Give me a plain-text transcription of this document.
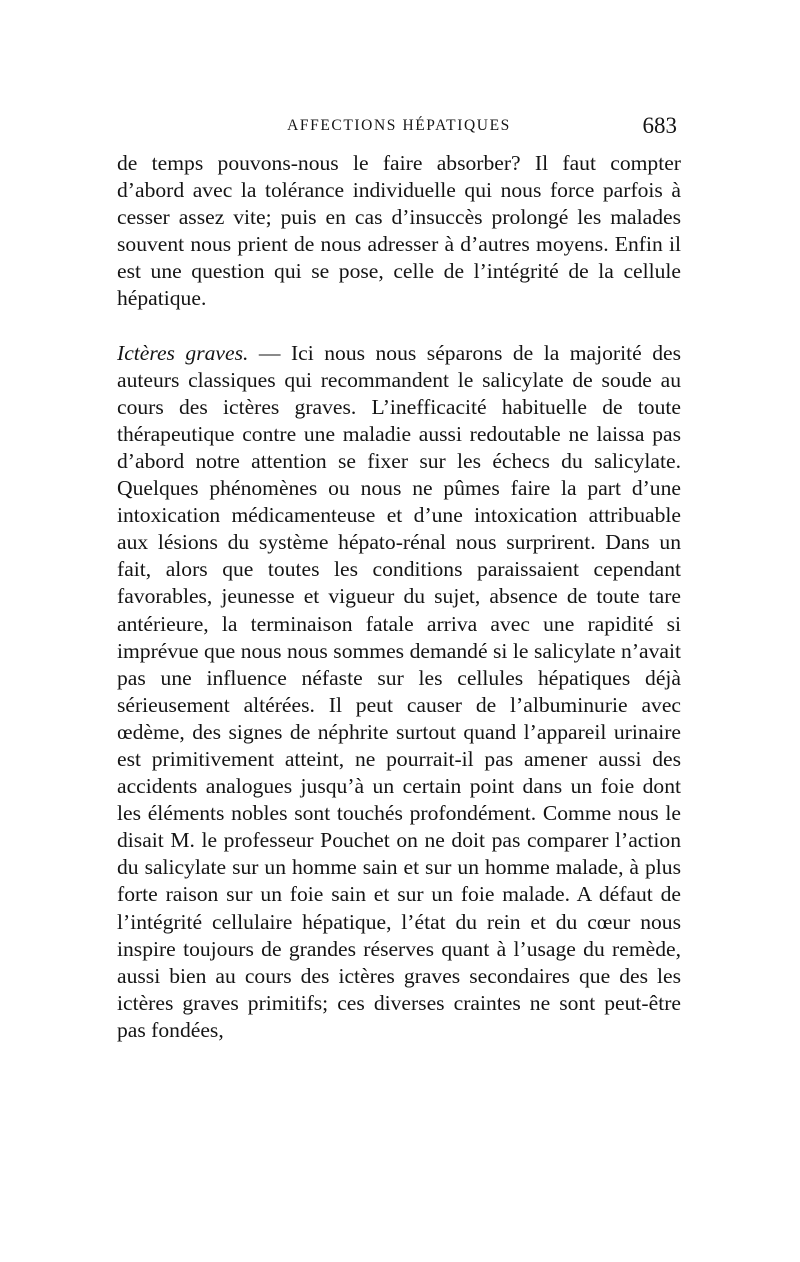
AFFECTIONS HÉPATIQUES	683

de temps pouvons-nous le faire absorber? Il faut compter d’abord avec la tolérance individuelle qui nous force parfois à cesser assez vite; puis en cas d’insuccès prolongé les malades souvent nous prient de nous adresser à d’autres moyens. Enfin il est une question qui se pose, celle de l’intégrité de la cellule hépatique.

Ictères graves. — Ici nous nous séparons de la majorité des auteurs classiques qui recommandent le salicylate de soude au cours des ictères graves. L’inefficacité habituelle de toute thérapeutique contre une maladie aussi redoutable ne laissa pas d’abord notre attention se fixer sur les échecs du salicylate. Quelques phénomènes ou nous ne pûmes faire la part d’une intoxication médicamenteuse et d’une intoxication attribuable aux lésions du système hépato-rénal nous surprirent. Dans un fait, alors que toutes les conditions paraissaient cependant favorables, jeunesse et vigueur du sujet, absence de toute tare antérieure, la terminaison fatale arriva avec une rapidité si imprévue que nous nous sommes demandé si le salicylate n’avait pas une influence néfaste sur les cellules hépatiques déjà sérieusement altérées. Il peut causer de l’albuminurie avec œdème, des signes de néphrite surtout quand l’appareil urinaire est primitivement atteint, ne pourrait-il pas amener aussi des accidents analogues jusqu’à un certain point dans un foie dont les éléments nobles sont touchés profondément. Comme nous le disait M. le professeur Pouchet on ne doit pas comparer l’action du salicylate sur un homme sain et sur un homme malade, à plus forte raison sur un foie sain et sur un foie malade. A défaut de l’intégrité cellulaire hépatique, l’état du rein et du cœur nous inspire toujours de grandes réserves quant à l’usage du remède, aussi bien au cours des ictères graves secondaires que des les ictères graves primitifs; ces diverses craintes ne sont peut-être pas fondées,
